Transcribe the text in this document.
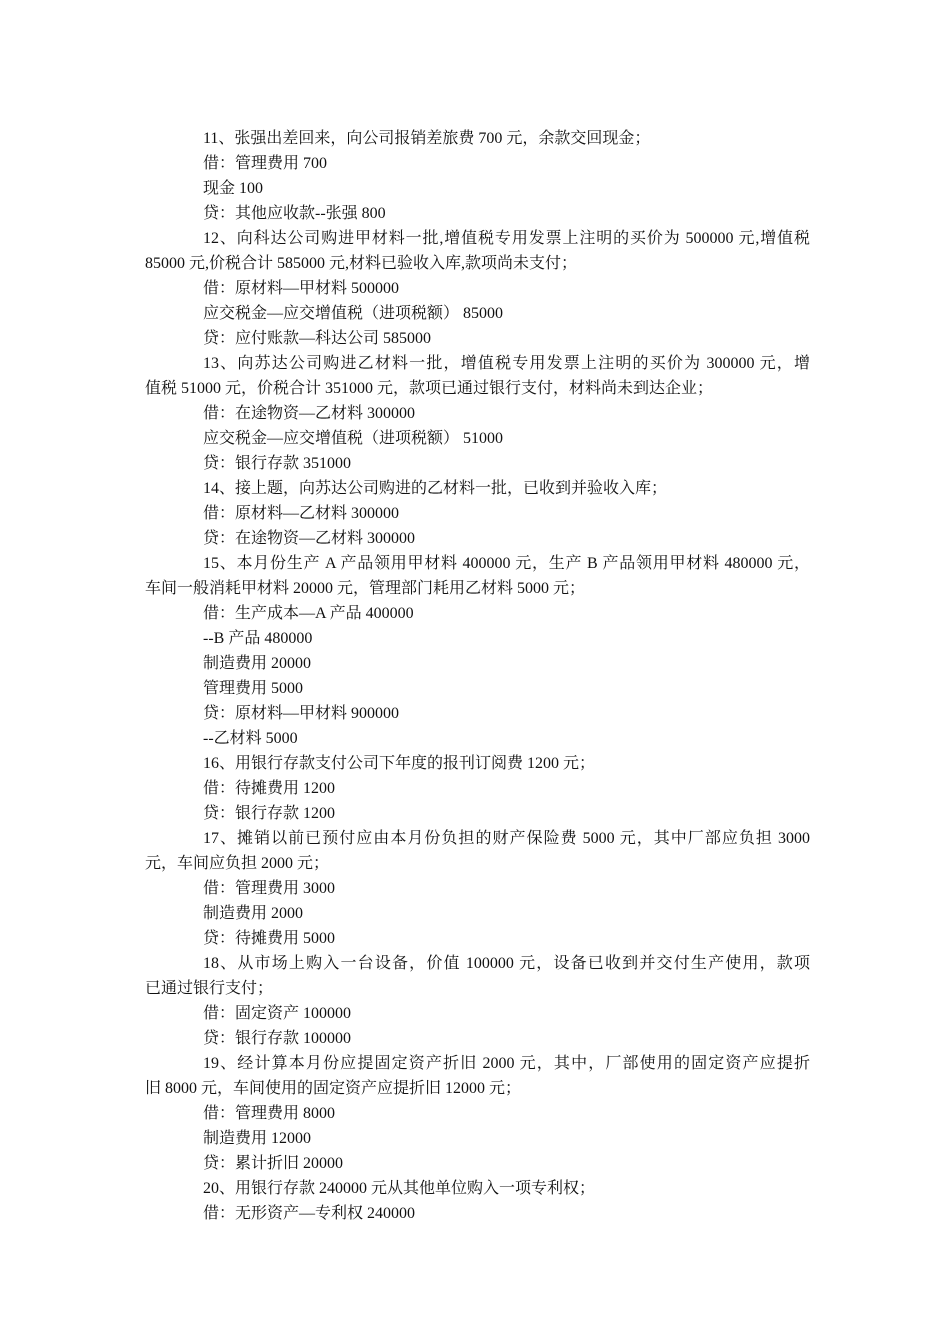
11、张强出差回来，向公司报销差旅费 700 元，余款交回现金；
借：管理费用 700
现金 100
贷：其他应收款--张强 800
12、向科达公司购进甲材料一批,增值税专用发票上注明的买价为 500000 元,增值税
85000 元,价税合计 585000 元,材料已验收入库,款项尚未支付；
借：原材料—甲材料 500000
应交税金—应交增值税（进项税额） 85000
贷：应付账款—科达公司 585000
13、向苏达公司购进乙材料一批，增值税专用发票上注明的买价为 300000 元，增
值税 51000 元，价税合计 351000 元，款项已通过银行支付，材料尚未到达企业；
借：在途物资—乙材料 300000
应交税金—应交增值税（进项税额） 51000
贷：银行存款 351000
14、接上题，向苏达公司购进的乙材料一批，已收到并验收入库；
借：原材料—乙材料 300000
贷：在途物资—乙材料 300000
15、本月份生产 A 产品领用甲材料 400000 元，生产 B 产品领用甲材料 480000 元，
车间一般消耗甲材料 20000 元，管理部门耗用乙材料 5000 元；
借：生产成本—A 产品 400000
--B 产品 480000
制造费用 20000
管理费用 5000
贷：原材料—甲材料 900000
--乙材料 5000
16、用银行存款支付公司下年度的报刊订阅费 1200 元；
借：待摊费用 1200
贷：银行存款 1200
17、摊销以前已预付应由本月份负担的财产保险费 5000 元，其中厂部应负担 3000
元，车间应负担 2000 元；
借：管理费用 3000
制造费用 2000
贷：待摊费用 5000
18、从市场上购入一台设备，价值 100000 元，设备已收到并交付生产使用，款项
已通过银行支付；
借：固定资产 100000
贷：银行存款 100000
19、经计算本月份应提固定资产折旧 2000 元，其中，厂部使用的固定资产应提折
旧 8000 元，车间使用的固定资产应提折旧 12000 元；
借：管理费用 8000
制造费用 12000
贷：累计折旧 20000
20、用银行存款 240000 元从其他单位购入一项专利权；
借：无形资产—专利权 240000
